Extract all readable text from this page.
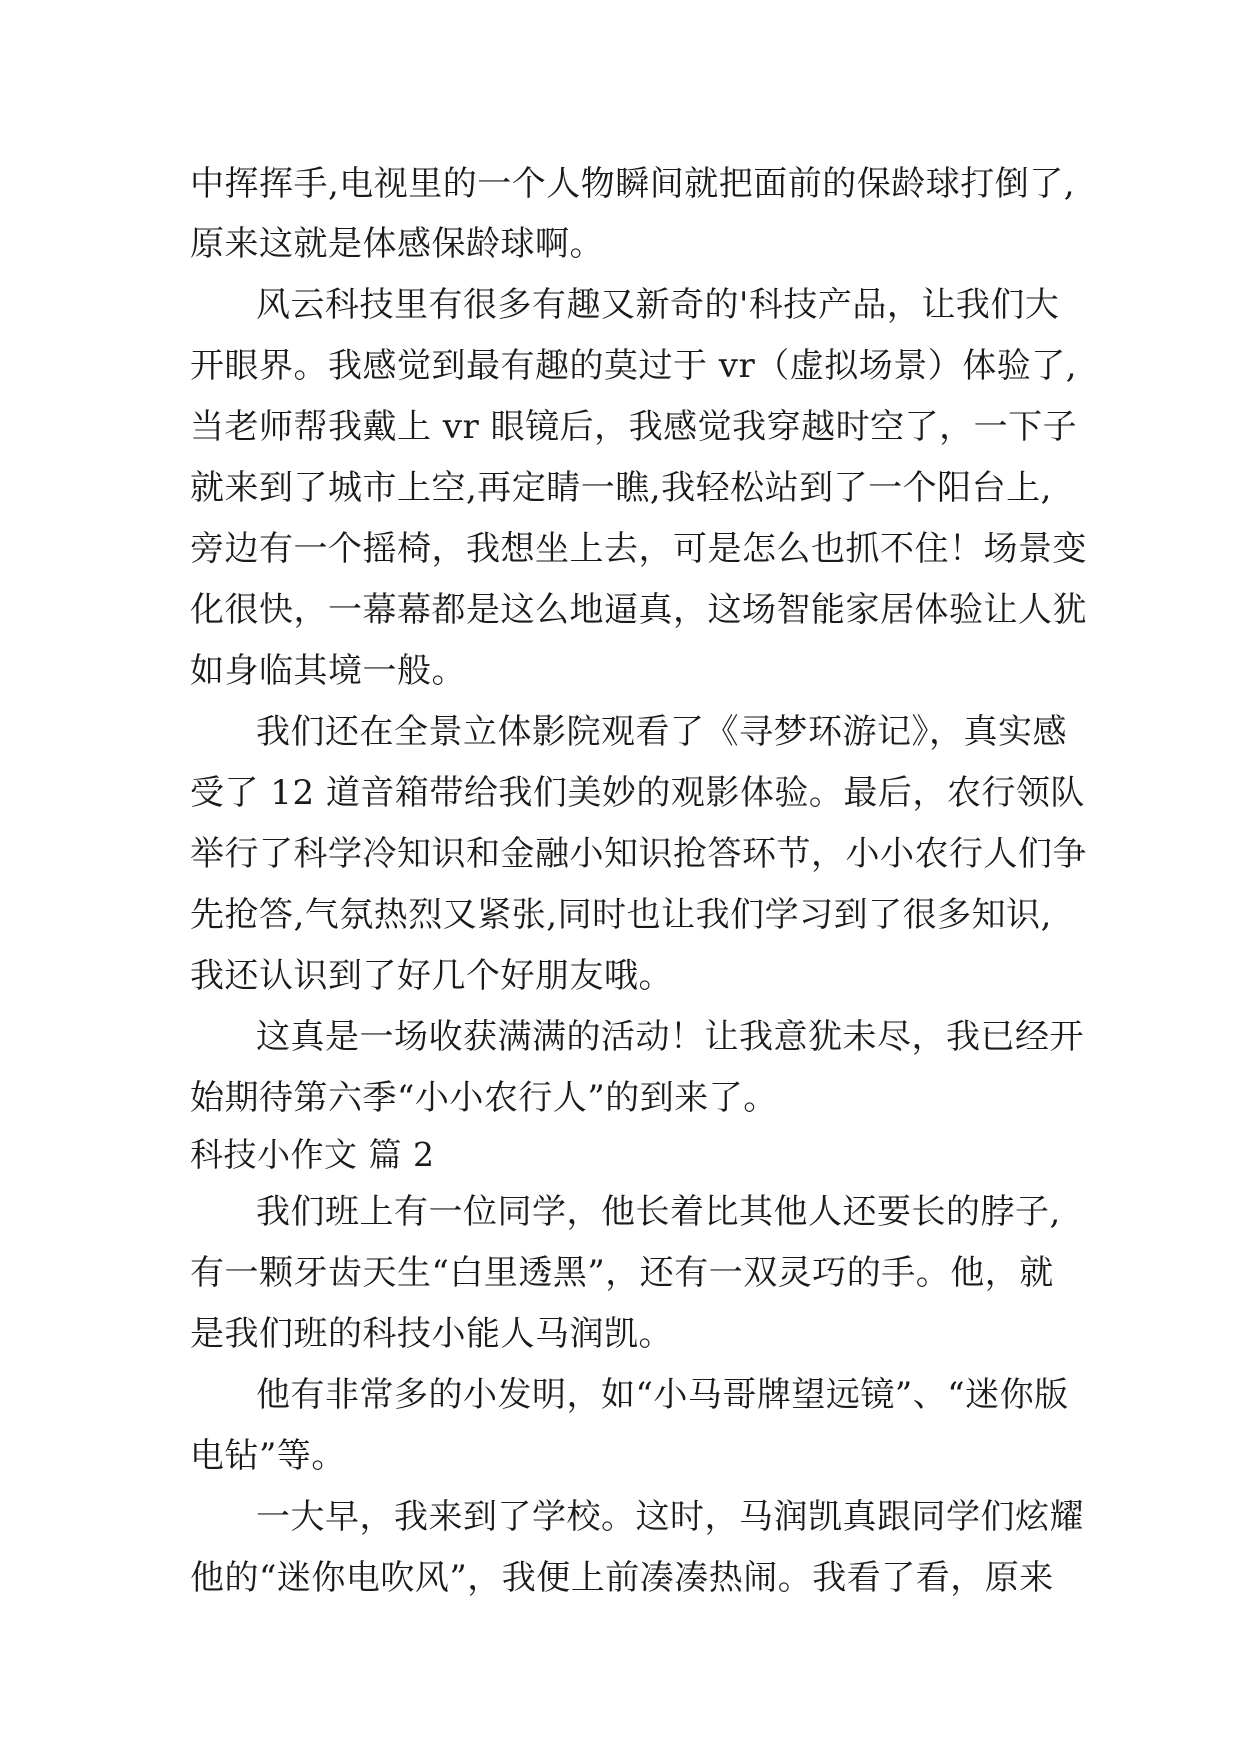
中挥挥手,电视里的一个人物瞬间就把面前的保龄球打倒了,

原来这就是体感保龄球啊。

风云科技里有很多有趣又新奇的'科技产品，让我们大

开眼界。我感觉到最有趣的莫过于 vr（虚拟场景）体验了,

当老师帮我戴上 vr 眼镜后，我感觉我穿越时空了，一下子

就来到了城市上空,再定睛一瞧,我轻松站到了一个阳台上,

旁边有一个摇椅，我想坐上去，可是怎么也抓不住！场景变

化很快，一幕幕都是这么地逼真，这场智能家居体验让人犹

如身临其境一般。

我们还在全景立体影院观看了《寻梦环游记》，真实感

受了 12 道音箱带给我们美妙的观影体验。最后，农行领队

举行了科学冷知识和金融小知识抢答环节，小小农行人们争

先抢答,气氛热烈又紧张,同时也让我们学习到了很多知识,

我还认识到了好几个好朋友哦。

这真是一场收获满满的活动！让我意犹未尽，我已经开

始期待第六季“小小农行人”的到来了。

科技小作文 篇 2

我们班上有一位同学，他长着比其他人还要长的脖子,

有一颗牙齿天生“白里透黑”，还有一双灵巧的手。他，就

是我们班的科技小能人马润凯。

他有非常多的小发明，如“小马哥牌望远镜”、“迷你版

电钻”等。

一大早，我来到了学校。这时，马润凯真跟同学们炫耀

他的“迷你电吹风”，我便上前凑凑热闹。我看了看，原来
